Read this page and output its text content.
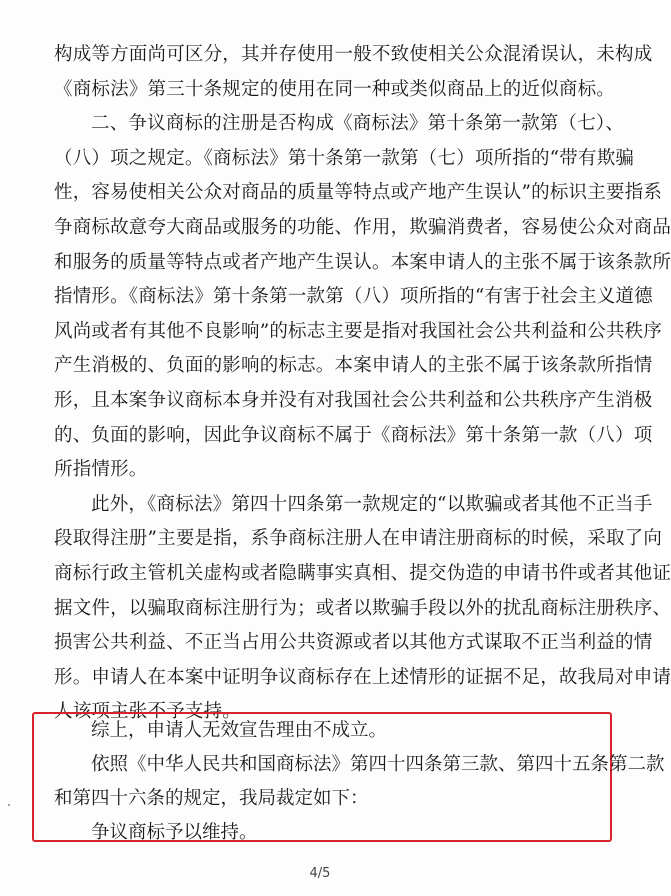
构成等方面尚可区分，其并存使用一般不致使相关公众混淆误认，未构成
《商标法》第三十条规定的使用在同一种或类似商品上的近似商标。
二、争议商标的注册是否构成《商标法》第十条第一款第（七）、
（八）项之规定。《商标法》第十条第一款第（七）项所指的“带有欺骗
性，容易使相关公众对商品的质量等特点或产地产生误认”的标识主要指系
争商标故意夸大商品或服务的功能、作用，欺骗消费者，容易使公众对商品
和服务的质量等特点或者产地产生误认。本案申请人的主张不属于该条款所
指情形。《商标法》第十条第一款第（八）项所指的“有害于社会主义道德
风尚或者有其他不良影响”的标志主要是指对我国社会公共利益和公共秩序
产生消极的、负面的影响的标志。本案申请人的主张不属于该条款所指情
形，且本案争议商标本身并没有对我国社会公共利益和公共秩序产生消极
的、负面的影响，因此争议商标不属于《商标法》第十条第一款（八）项
所指情形。
此外，《商标法》第四十四条第一款规定的“以欺骗或者其他不正当手
段取得注册”主要是指，系争商标注册人在申请注册商标的时候，采取了向
商标行政主管机关虚构或者隐瞒事实真相、提交伪造的申请书件或者其他证
据文件，以骗取商标注册行为；或者以欺骗手段以外的扰乱商标注册秩序、
损害公共利益、不正当占用公共资源或者以其他方式谋取不正当利益的情
形。申请人在本案中证明争议商标存在上述情形的证据不足，故我局对申请
人该项主张不予支持。
综上，申请人无效宣告理由不成立。
依照《中华人民共和国商标法》第四十四条第三款、第四十五条第二款
和第四十六条的规定，我局裁定如下：
争议商标予以维持。
4/5
